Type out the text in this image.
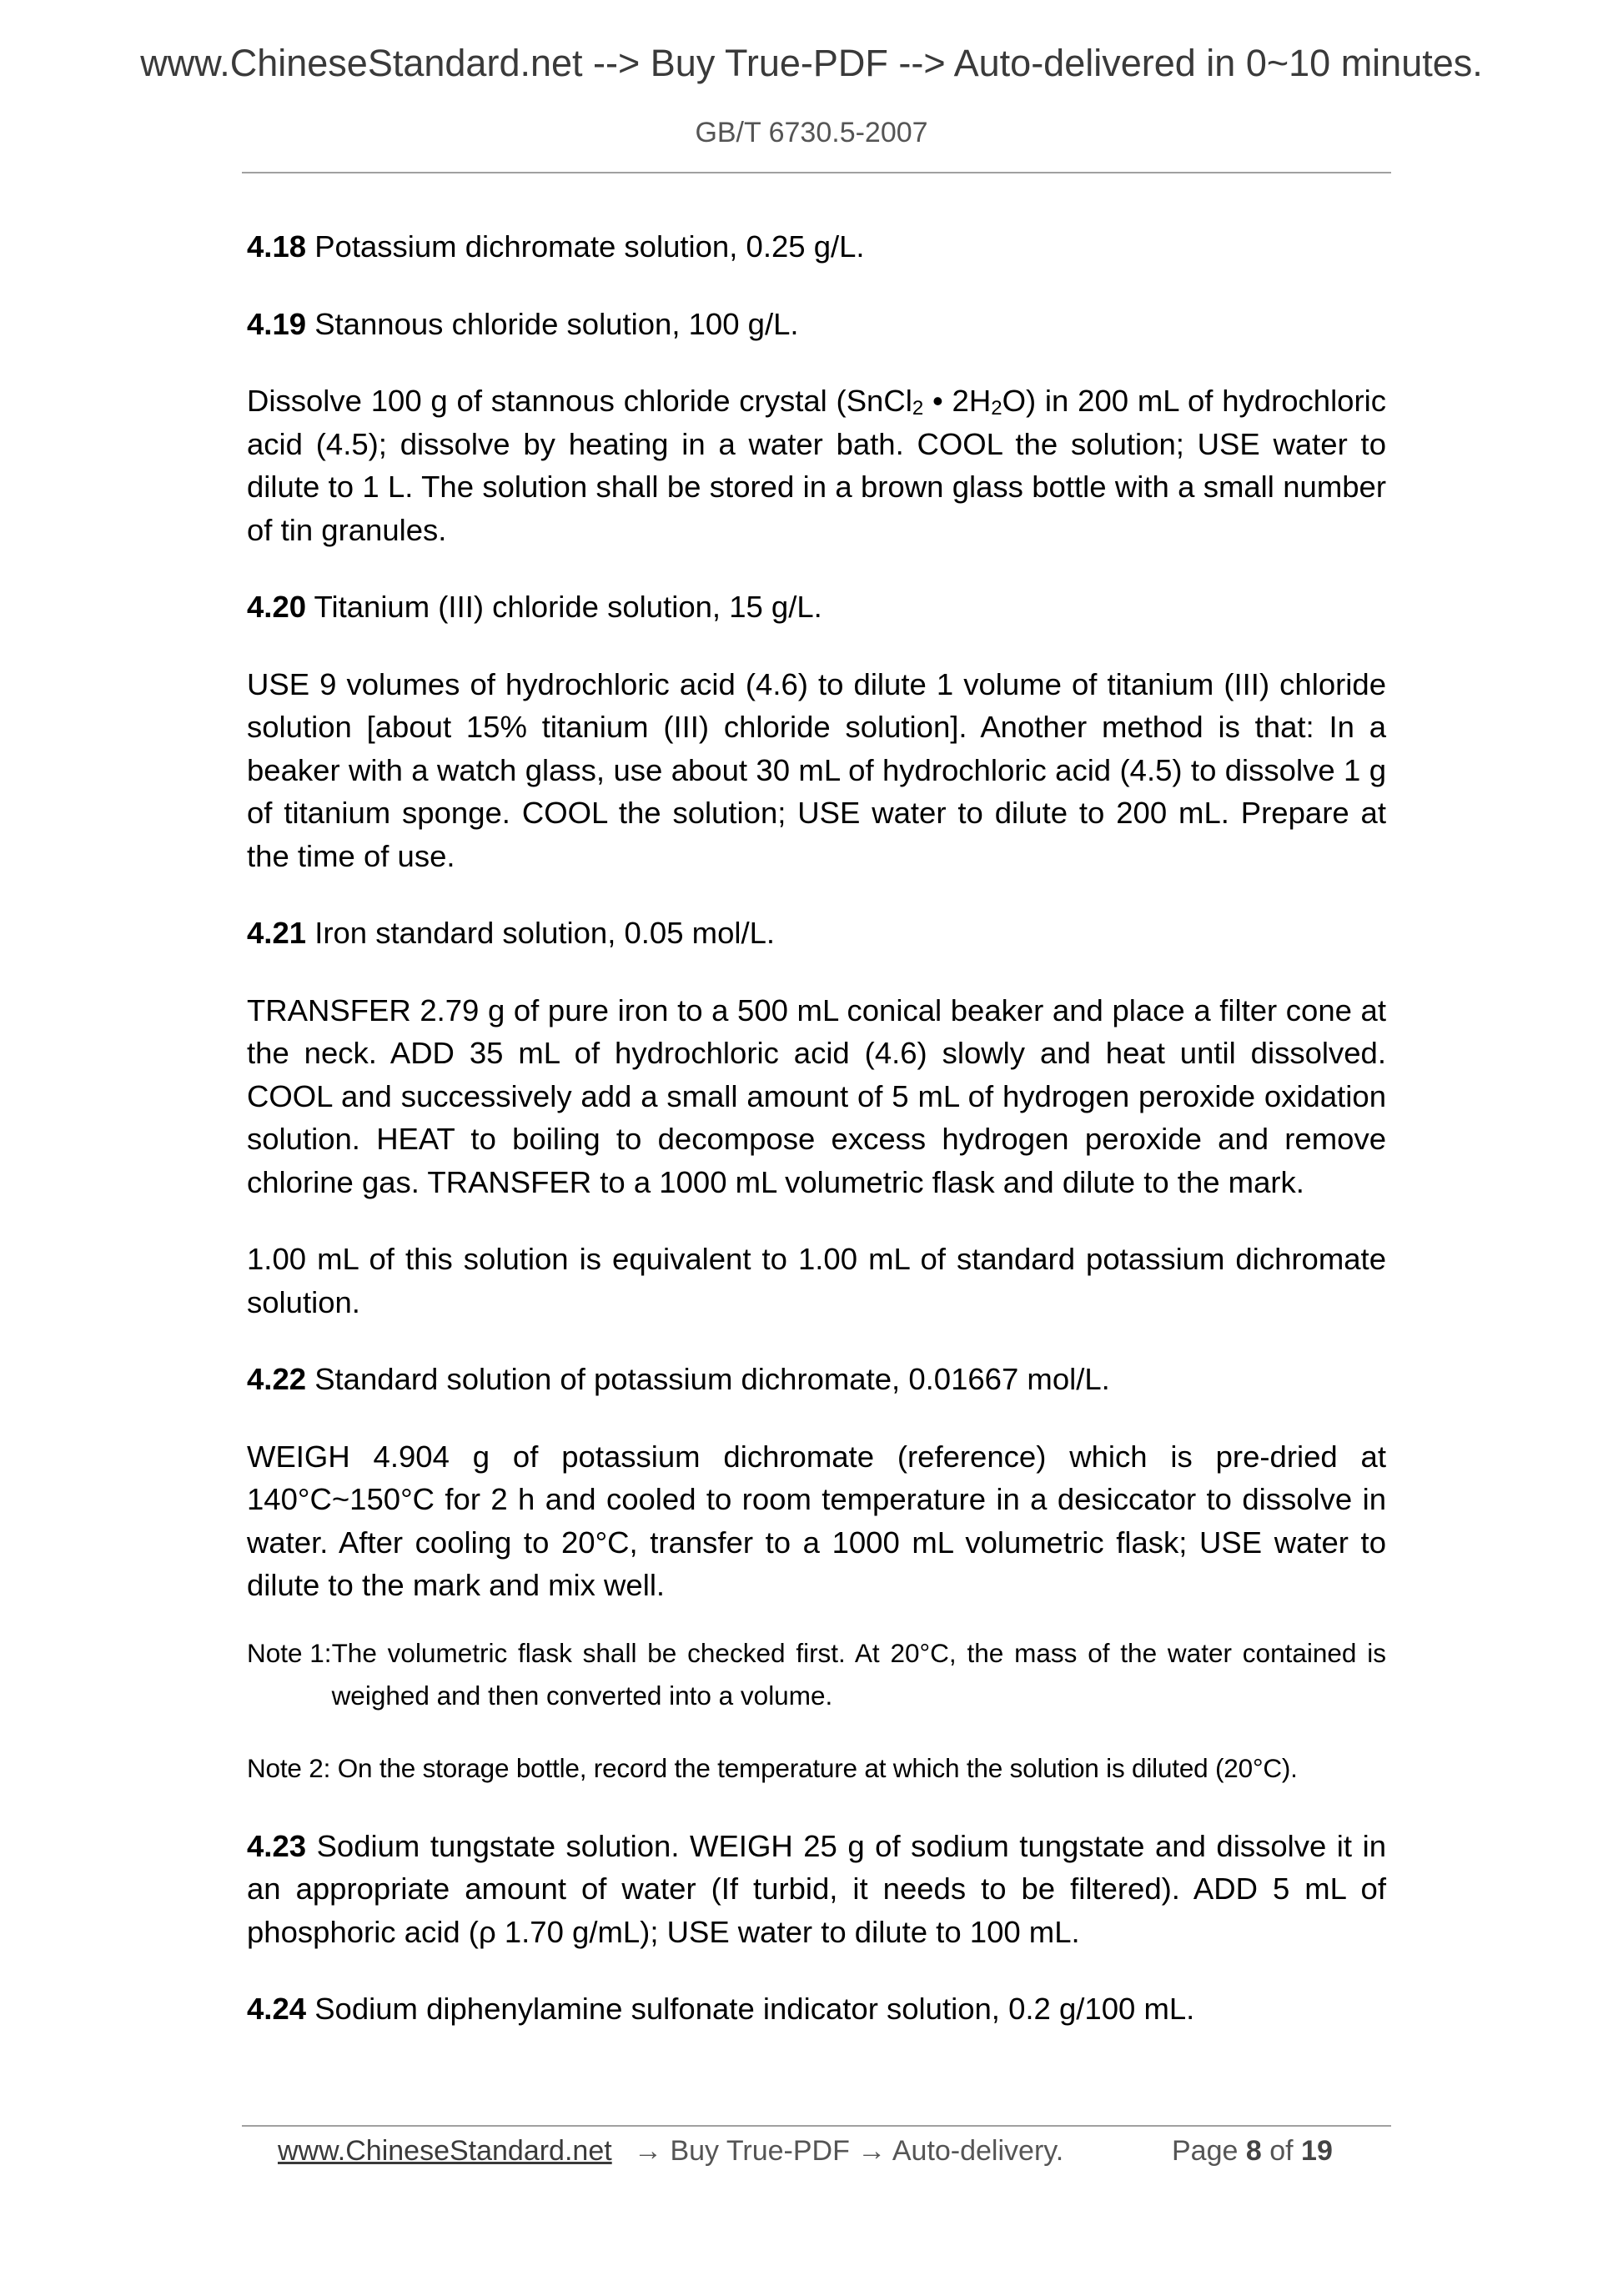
www.ChineseStandard.net --> Buy True-PDF --> Auto-delivered in 0~10 minutes.
GB/T 6730.5-2007

4.18 Potassium dichromate solution, 0.25 g/L.

4.19 Stannous chloride solution, 100 g/L.

Dissolve 100 g of stannous chloride crystal (SnCl$_2$ • $2H_2O$) in 200 mL of hydrochloric acid (4.5); dissolve by heating in a water bath. COOL the solution; USE water to dilute to 1 L. The solution shall be stored in a brown glass bottle with a small number of tin granules.

4.20 Titanium (III) chloride solution, 15 g/L.

USE 9 volumes of hydrochloric acid (4.6) to dilute 1 volume of titanium (III) chloride solution [about 15% titanium (III) chloride solution]. Another method is that: In a beaker with a watch glass, use about 30 mL of hydrochloric acid (4.5) to dissolve 1 g of titanium sponge. COOL the solution; USE water to dilute to 200 mL. Prepare at the time of use.

4.21 Iron standard solution, 0.05 mol/L.

TRANSFER 2.79 g of pure iron to a 500 mL conical beaker and place a filter cone at the neck. ADD 35 mL of hydrochloric acid (4.6) slowly and heat until dissolved. COOL and successively add a small amount of 5 mL of hydrogen peroxide oxidation solution. HEAT to boiling to decompose excess hydrogen peroxide and remove chlorine gas. TRANSFER to a 1000 mL volumetric flask and dilute to the mark.

1.00 mL of this solution is equivalent to 1.00 mL of standard potassium dichromate solution.

4.22 Standard solution of potassium dichromate, 0.01667 mol/L.

WEIGH 4.904 g of potassium dichromate (reference) which is pre-dried at 140°C~150°C for 2 h and cooled to room temperature in a desiccator to dissolve in water. After cooling to 20°C, transfer to a 1000 mL volumetric flask; USE water to dilute to the mark and mix well.

Note 1: The volumetric flask shall be checked first. At 20°C, the mass of the water contained is weighed and then converted into a volume.
Note 2: On the storage bottle, record the temperature at which the solution is diluted (20°C).

4.23 Sodium tungstate solution. WEIGH 25 g of sodium tungstate and dissolve it in an appropriate amount of water (If turbid, it needs to be filtered). ADD 5 mL of phosphoric acid (ρ 1.70 g/mL); USE water to dilute to 100 mL.

4.24 Sodium diphenylamine sulfonate indicator solution, 0.2 g/100 mL.

www.ChineseStandard.net → Buy True-PDF → Auto-delivery.	Page 8 of 19
